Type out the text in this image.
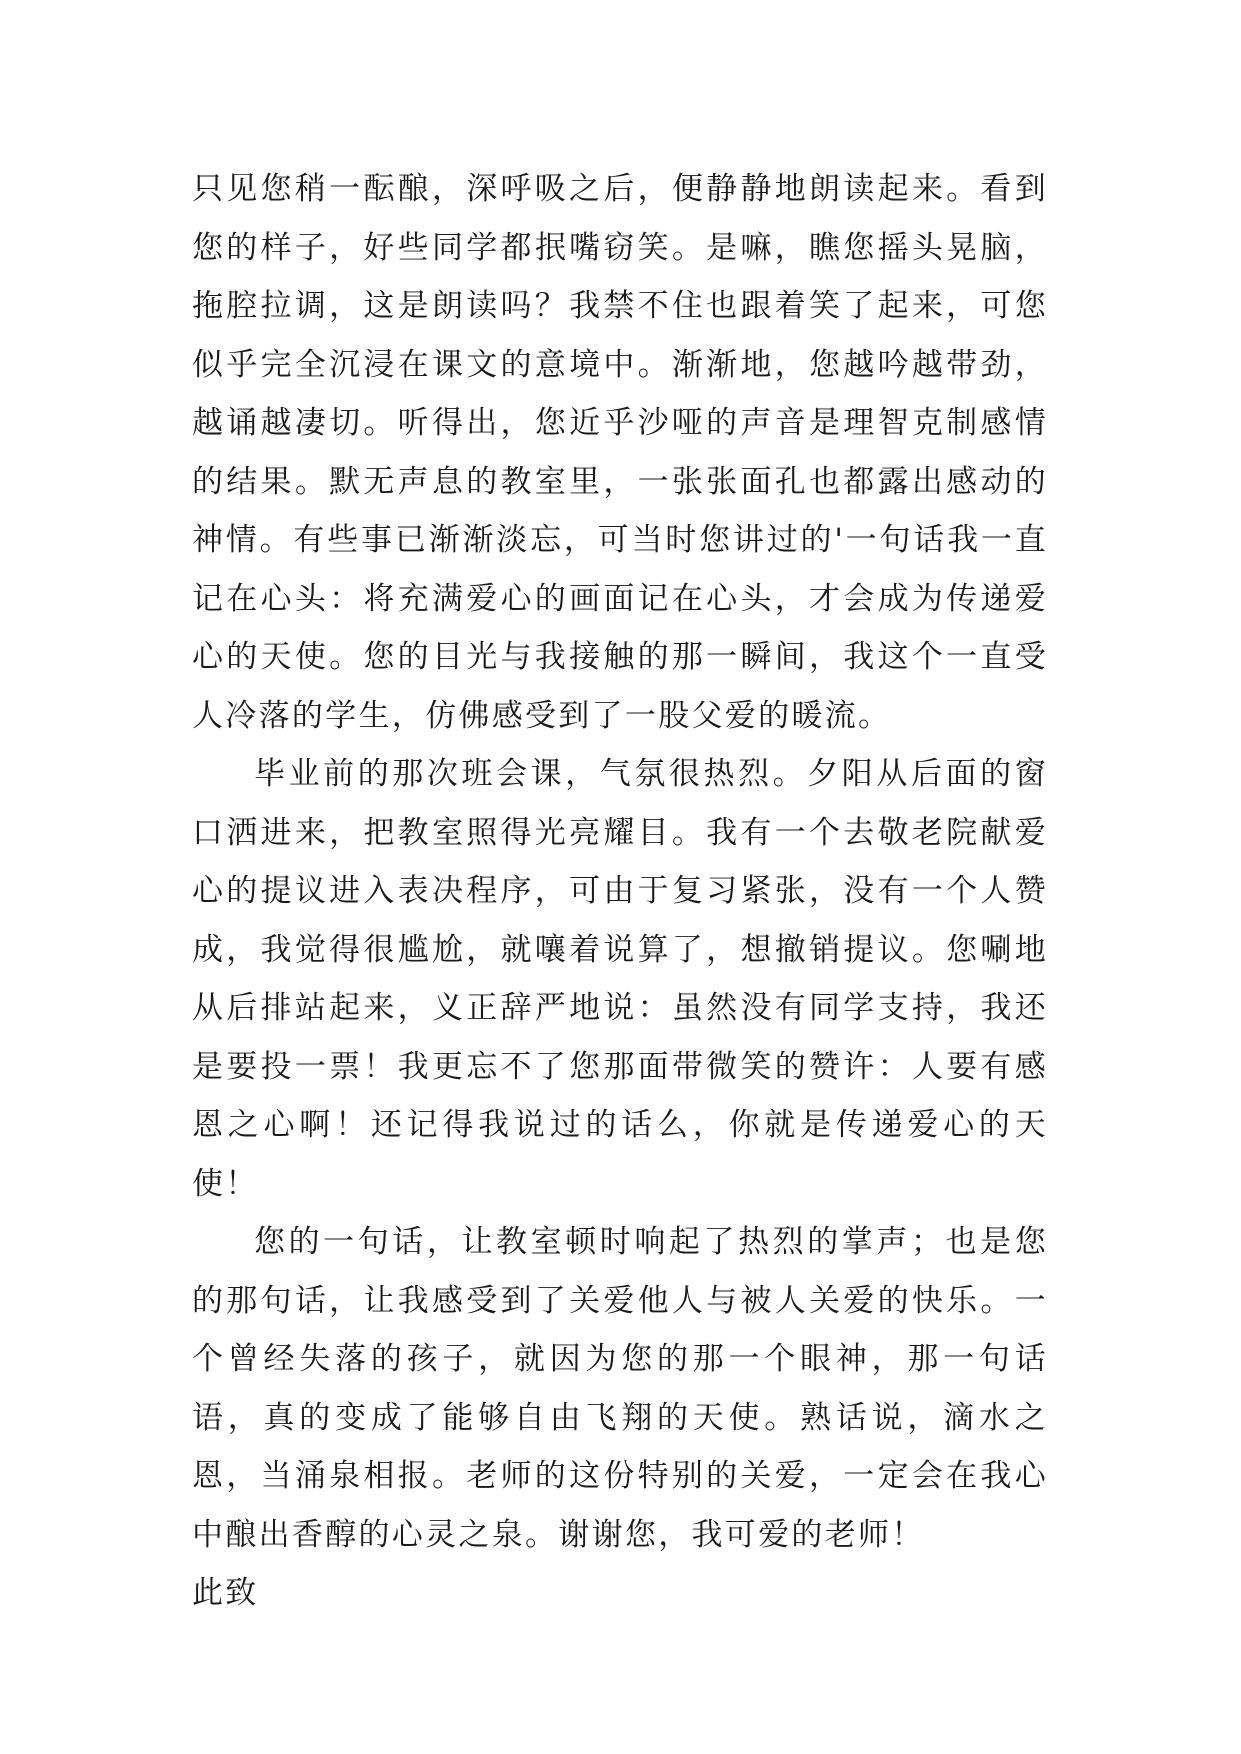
只见您稍一酝酿，深呼吸之后，便静静地朗读起来。看到您的样子，好些同学都抿嘴窃笑。是嘛，瞧您摇头晃脑，拖腔拉调，这是朗读吗？我禁不住也跟着笑了起来，可您似乎完全沉浸在课文的意境中。渐渐地，您越吟越带劲，越诵越凄切。听得出，您近乎沙哑的声音是理智克制感情的结果。默无声息的教室里，一张张面孔也都露出感动的神情。有些事已渐渐淡忘，可当时您讲过的'一句话我一直记在心头：将充满爱心的画面记在心头，才会成为传递爱心的天使。您的目光与我接触的那一瞬间，我这个一直受人冷落的学生，仿佛感受到了一股父爱的暖流。

毕业前的那次班会课，气氛很热烈。夕阳从后面的窗口洒进来，把教室照得光亮耀目。我有一个去敬老院献爱心的提议进入表决程序，可由于复习紧张，没有一个人赞成，我觉得很尴尬，就嚷着说算了，想撤销提议。您唰地从后排站起来，义正辞严地说：虽然没有同学支持，我还是要投一票！我更忘不了您那面带微笑的赞许：人要有感恩之心啊！还记得我说过的话么，你就是传递爱心的天使！

您的一句话，让教室顿时响起了热烈的掌声；也是您的那句话，让我感受到了关爱他人与被人关爱的快乐。一个曾经失落的孩子，就因为您的那一个眼神，那一句话语，真的变成了能够自由飞翔的天使。熟话说，滴水之恩，当涌泉相报。老师的这份特别的关爱，一定会在我心中酿出香醇的心灵之泉。谢谢您，我可爱的老师！

此致
